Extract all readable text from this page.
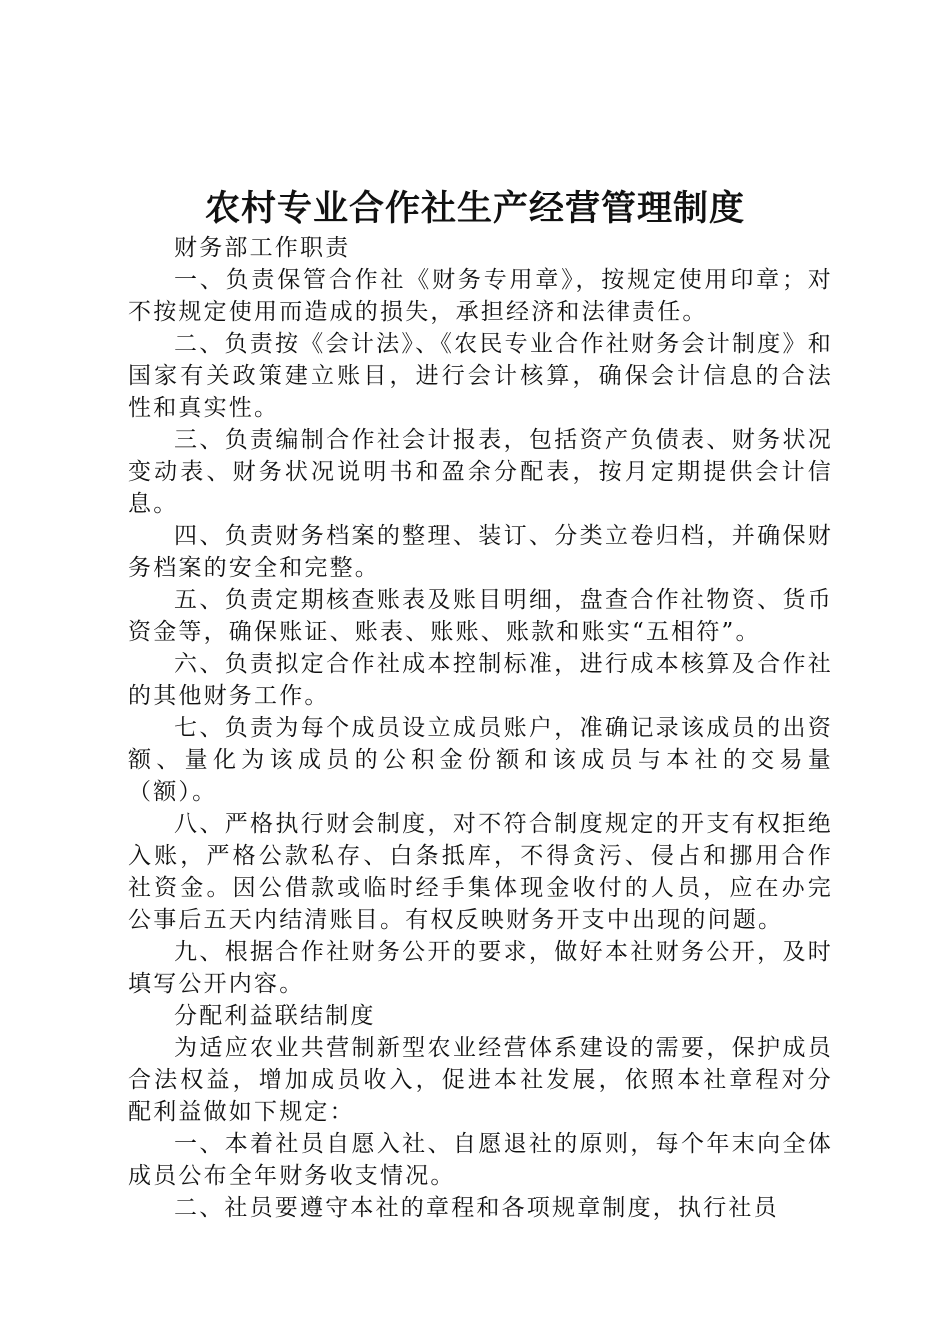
农村专业合作社生产经营管理制度

财务部工作职责

一、负责保管合作社《财务专用章》，按规定使用印章；对不按规定使用而造成的损失，承担经济和法律责任。

二、负责按《会计法》、《农民专业合作社财务会计制度》和国家有关政策建立账目，进行会计核算，确保会计信息的合法性和真实性。

三、负责编制合作社会计报表，包括资产负债表、财务状况变动表、财务状况说明书和盈余分配表，按月定期提供会计信息。

四、负责财务档案的整理、装订、分类立卷归档，并确保财务档案的安全和完整。

五、负责定期核查账表及账目明细，盘查合作社物资、货币资金等，确保账证、账表、账账、账款和账实“五相符”。

六、负责拟定合作社成本控制标准，进行成本核算及合作社的其他财务工作。

七、负责为每个成员设立成员账户，准确记录该成员的出资额、量化为该成员的公积金份额和该成员与本社的交易量（额）。

八、严格执行财会制度，对不符合制度规定的开支有权拒绝入账，严格公款私存、白条抵库，不得贪污、侵占和挪用合作社资金。因公借款或临时经手集体现金收付的人员，应在办完公事后五天内结清账目。有权反映财务开支中出现的问题。

九、根据合作社财务公开的要求，做好本社财务公开，及时填写公开内容。

分配利益联结制度

为适应农业共营制新型农业经营体系建设的需要，保护成员合法权益，增加成员收入，促进本社发展，依照本社章程对分配利益做如下规定：

一、本着社员自愿入社、自愿退社的原则，每个年末向全体成员公布全年财务收支情况。

二、社员要遵守本社的章程和各项规章制度，执行社员
